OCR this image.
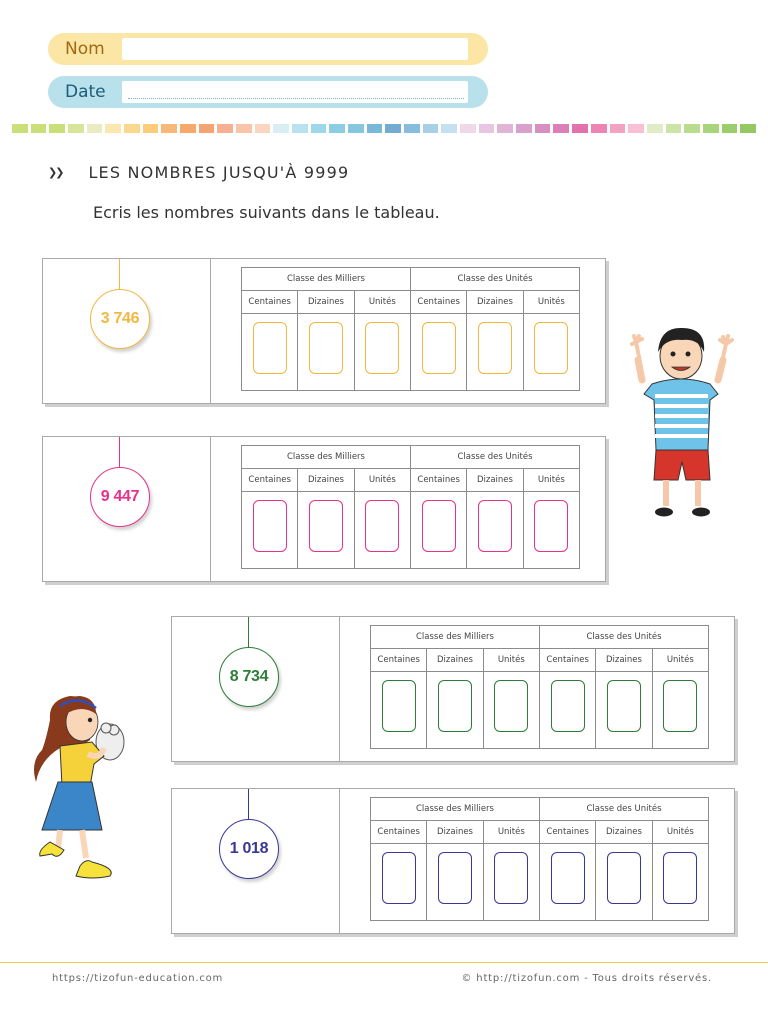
Nom
Date
❯❯ LES NOMBRES JUSQU'À 9999
Ecris les nombres suivants dans le tableau.
3 746
Classe des Milliers	Classe des Unités
Centaines	Dizaines	Unités	Centaines	Dizaines	Unités
9 447
Classe des Milliers	Classe des Unités
Centaines	Dizaines	Unités	Centaines	Dizaines	Unités
8 734
Classe des Milliers	Classe des Unités
Centaines	Dizaines	Unités	Centaines	Dizaines	Unités
1 018
Classe des Milliers	Classe des Unités
Centaines	Dizaines	Unités	Centaines	Dizaines	Unités
https://tizofun-education.com	© http://tizofun.com - Tous droits réservés.
